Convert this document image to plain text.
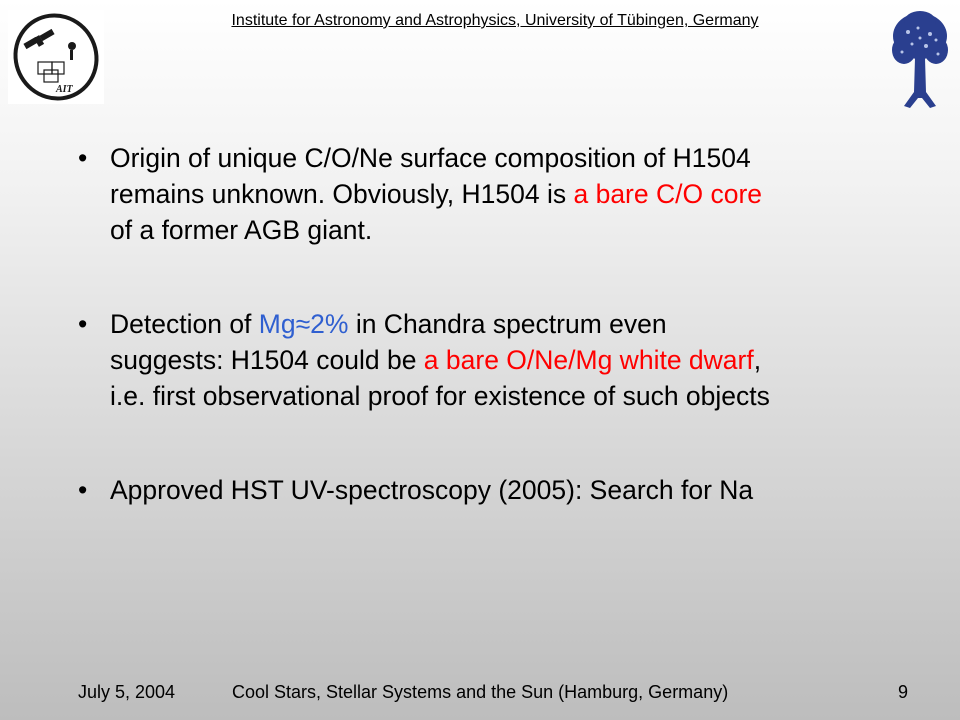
Institute for Astronomy and Astrophysics, University of Tübingen, Germany
AIT
• Origin of unique C/O/Ne surface composition of H1504
remains unknown. Obviously, H1504 is a bare C/O core
of a former AGB giant.
• Detection of Mg≈2% in Chandra spectrum even
suggests: H1504 could be a bare O/Ne/Mg white dwarf,
i.e. first observational proof for existence of such objects
• Approved HST UV-spectroscopy (2005): Search for Na
July 5, 2004	Cool Stars, Stellar Systems and the Sun (Hamburg, Germany)	9
